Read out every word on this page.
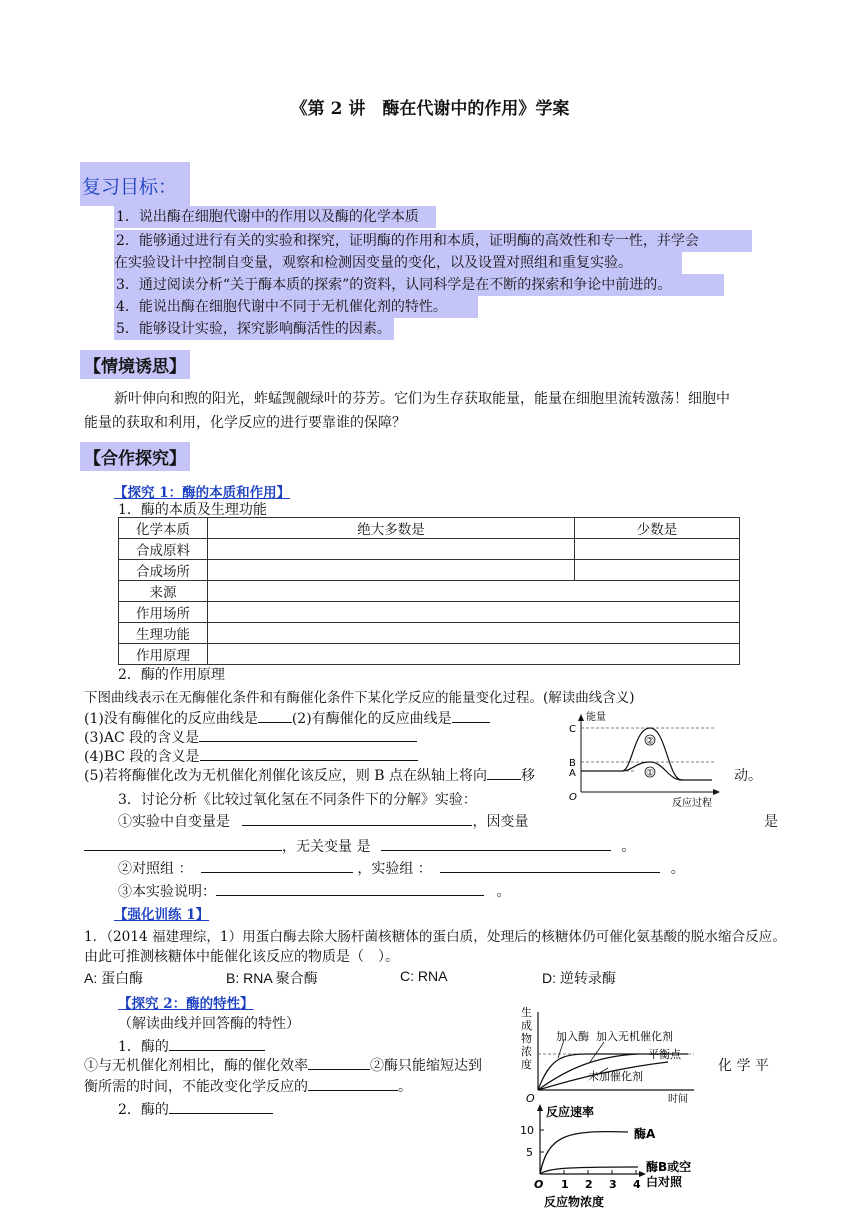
《第 2 讲　酶在代谢中的作用》学案
复习目标：
1．说出酶在细胞代谢中的作用以及酶的化学本质
2．能够通过进行有关的实验和探究，证明酶的作用和本质，证明酶的高效性和专一性，并学会
在实验设计中控制自变量，观察和检测因变量的变化，以及设置对照组和重复实验。
3．通过阅读分析“关于酶本质的探索”的资料，认同科学是在不断的探索和争论中前进的。
4．能说出酶在细胞代谢中不同于无机催化剂的特性。
5．能够设计实验，探究影响酶活性的因素。
【情境诱思】
新叶伸向和煦的阳光，蚱蜢觊觎绿叶的芬芳。它们为生存获取能量，能量在细胞里流转激荡！细胞中
能量的获取和利用，化学反应的进行要靠谁的保障？
【合作探究】
【探究 1：酶的本质和作用】
1．酶的本质及生理功能
化学本质	绝大多数是	少数是
合成原料		
合成场所		
来源		
作用场所		
生理功能		
作用原理		
2．酶的作用原理
下图曲线表示在无酶催化条件和有酶催化条件下某化学反应的能量变化过程。(解读曲线含义)
(1)没有酶催化的反应曲线是 (2)有酶催化的反应曲线是
(3)AC 段的含义是
(4)BC 段的含义是
(5)若将酶催化改为无机催化剂催化该反应，则 B 点在纵轴上将向 移	动。
②
①
能量
C
B
A
O
反应过程
3．讨论分析《比较过氧化氢在不同条件下的分解》实验：
①实验中自变量是	，因变量	是
，无关变量 是	。
②对照组 ：	，实验组 ：	。
③本实验说明：	。
【强化训练 1】
1．（2014 福建理综，1）用蛋白酶去除大肠杆菌核糖体的蛋白质，处理后的核糖体仍可催化氨基酸的脱水缩合反应。
由此可推测核糖体中能催化该反应的物质是（　）。
A: 蛋白酶	B: RNA 聚合酶	C: RNA	D: 逆转录酶
【探究 2：酶的特性】
（解读曲线并回答酶的特性）
1．酶的
①与无机催化剂相比，酶的催化效率	②酶只能缩短达到	化 学 平
衡所需的时间，不能改变化学反应的	。
2．酶的
生
成
物
浓
度
加入酶 加入无机催化剂
平衡点
未加催化剂
O	时间
反应速率
10
5
O 1 2 3 4
酶A
酶B或空
白对照
反应物浓度
